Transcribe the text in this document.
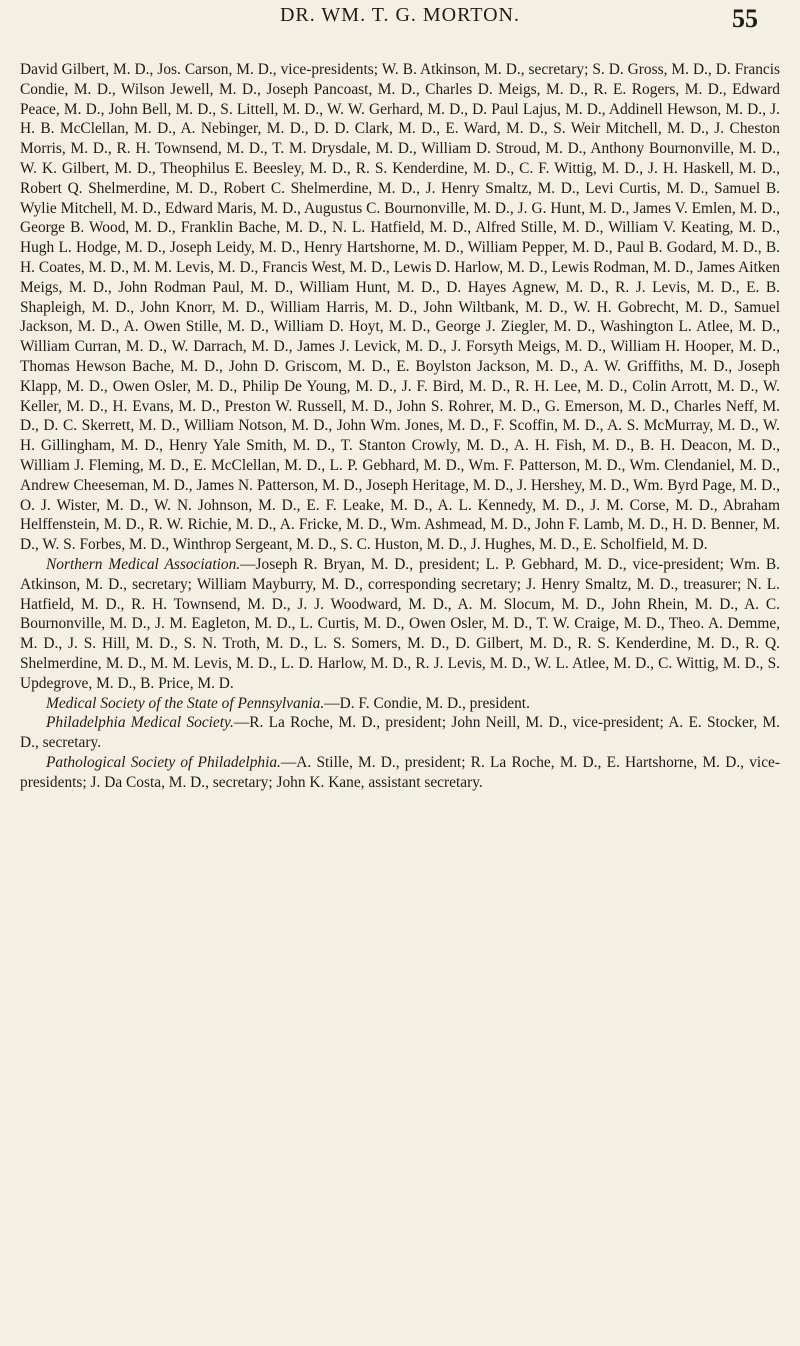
DR. WM. T. G. MORTON.	55

David Gilbert, M. D., Jos. Carson, M. D., vice-presidents; W. B. Atkinson, M. D., secretary; S. D. Gross, M. D., D. Francis Condie, M. D., Wilson Jewell, M. D., Joseph Pancoast, M. D., Charles D. Meigs, M. D., R. E. Rogers, M. D., Edward Peace, M. D., John Bell, M. D., S. Littell, M. D., W. W. Gerhard, M. D., D. Paul Lajus, M. D., Addinell Hewson, M. D., J. H. B. McClellan, M. D., A. Nebinger, M. D., D. D. Clark, M. D., E. Ward, M. D., S. Weir Mitchell, M. D., J. Cheston Morris, M. D., R. H. Townsend, M. D., T. M. Drysdale, M. D., William D. Stroud, M. D., Anthony Bournonville, M. D., W. K. Gilbert, M. D., Theophilus E. Beesley, M. D., R. S. Kenderdine, M. D., C. F. Wittig, M. D., J. H. Haskell, M. D., Robert Q. Shelmerdine, M. D., Robert C. Shelmerdine, M. D., J. Henry Smaltz, M. D., Levi Curtis, M. D., Samuel B. Wylie Mitchell, M. D., Edward Maris, M. D., Augustus C. Bournonville, M. D., J. G. Hunt, M. D., James V. Emlen, M. D., George B. Wood, M. D., Franklin Bache, M. D., N. L. Hatfield, M. D., Alfred Stille, M. D., William V. Keating, M. D., Hugh L. Hodge, M. D., Joseph Leidy, M. D., Henry Hartshorne, M. D., William Pepper, M. D., Paul B. Godard, M. D., B. H. Coates, M. D., M. M. Levis, M. D., Francis West, M. D., Lewis D. Harlow, M. D., Lewis Rodman, M. D., James Aitken Meigs, M. D., John Rodman Paul, M. D., William Hunt, M. D., D. Hayes Agnew, M. D., R. J. Levis, M. D., E. B. Shapleigh, M. D., John Knorr, M. D., William Harris, M. D., John Wiltbank, M. D., W. H. Gobrecht, M. D., Samuel Jackson, M. D., A. Owen Stille, M. D., William D. Hoyt, M. D., George J. Ziegler, M. D., Washington L. Atlee, M. D., William Curran, M. D., W. Darrach, M. D., James J. Levick, M. D., J. Forsyth Meigs, M. D., William H. Hooper, M. D., Thomas Hewson Bache, M. D., John D. Griscom, M. D., E. Boylston Jackson, M. D., A. W. Griffiths, M. D., Joseph Klapp, M. D., Owen Osler, M. D., Philip De Young, M. D., J. F. Bird, M. D., R. H. Lee, M. D., Colin Arrott, M. D., W. Keller, M. D., H. Evans, M. D., Preston W. Russell, M. D., John S. Rohrer, M. D., G. Emerson, M. D., Charles Neff, M. D., D. C. Skerrett, M. D., William Notson, M. D., John Wm. Jones, M. D., F. Scoffin, M. D., A. S. McMurray, M. D., W. H. Gillingham, M. D., Henry Yale Smith, M. D., T. Stanton Crowly, M. D., A. H. Fish, M. D., B. H. Deacon, M. D., William J. Fleming, M. D., E. McClellan, M. D., L. P. Gebhard, M. D., Wm. F. Patterson, M. D., Wm. Clendaniel, M. D., Andrew Cheeseman, M. D., James N. Patterson, M. D., Joseph Heritage, M. D., J. Hershey, M. D., Wm. Byrd Page, M. D., O. J. Wister, M. D., W. N. Johnson, M. D., E. F. Leake, M. D., A. L. Kennedy, M. D., J. M. Corse, M. D., Abraham Helffenstein, M. D., R. W. Richie, M. D., A. Fricke, M. D., Wm. Ashmead, M. D., John F. Lamb, M. D., H. D. Benner, M. D., W. S. Forbes, M. D., Winthrop Sergeant, M. D., S. C. Huston, M. D., J. Hughes, M. D., E. Scholfield, M. D.

Northern Medical Association.—Joseph R. Bryan, M. D., president; L. P. Gebhard, M. D., vice-president; Wm. B. Atkinson, M. D., secretary; William Mayburry, M. D., corresponding secretary; J. Henry Smaltz, M. D., treasurer; N. L. Hatfield, M. D., R. H. Townsend, M. D., J. J. Woodward, M. D., A. M. Slocum, M. D., John Rhein, M. D., A. C. Bournonville, M. D., J. M. Eagleton, M. D., L. Curtis, M. D., Owen Osler, M. D., T. W. Craige, M. D., Theo. A. Demme, M. D., J. S. Hill, M. D., S. N. Troth, M. D., L. S. Somers, M. D., D. Gilbert, M. D., R. S. Kenderdine, M. D., R. Q. Shelmerdine, M. D., M. M. Levis, M. D., L. D. Harlow, M. D., R. J. Levis, M. D., W. L. Atlee, M. D., C. Wittig, M. D., S. Updegrove, M. D., B. Price, M. D.

Medical Society of the State of Pennsylvania.—D. F. Condie, M. D., president.

Philadelphia Medical Society.—R. La Roche, M. D., president; John Neill, M. D., vice-president; A. E. Stocker, M. D., secretary.

Pathological Society of Philadelphia.—A. Stille, M. D., president; R. La Roche, M. D., E. Hartshorne, M. D., vice-presidents; J. Da Costa, M. D., secretary; John K. Kane, assistant secretary.
